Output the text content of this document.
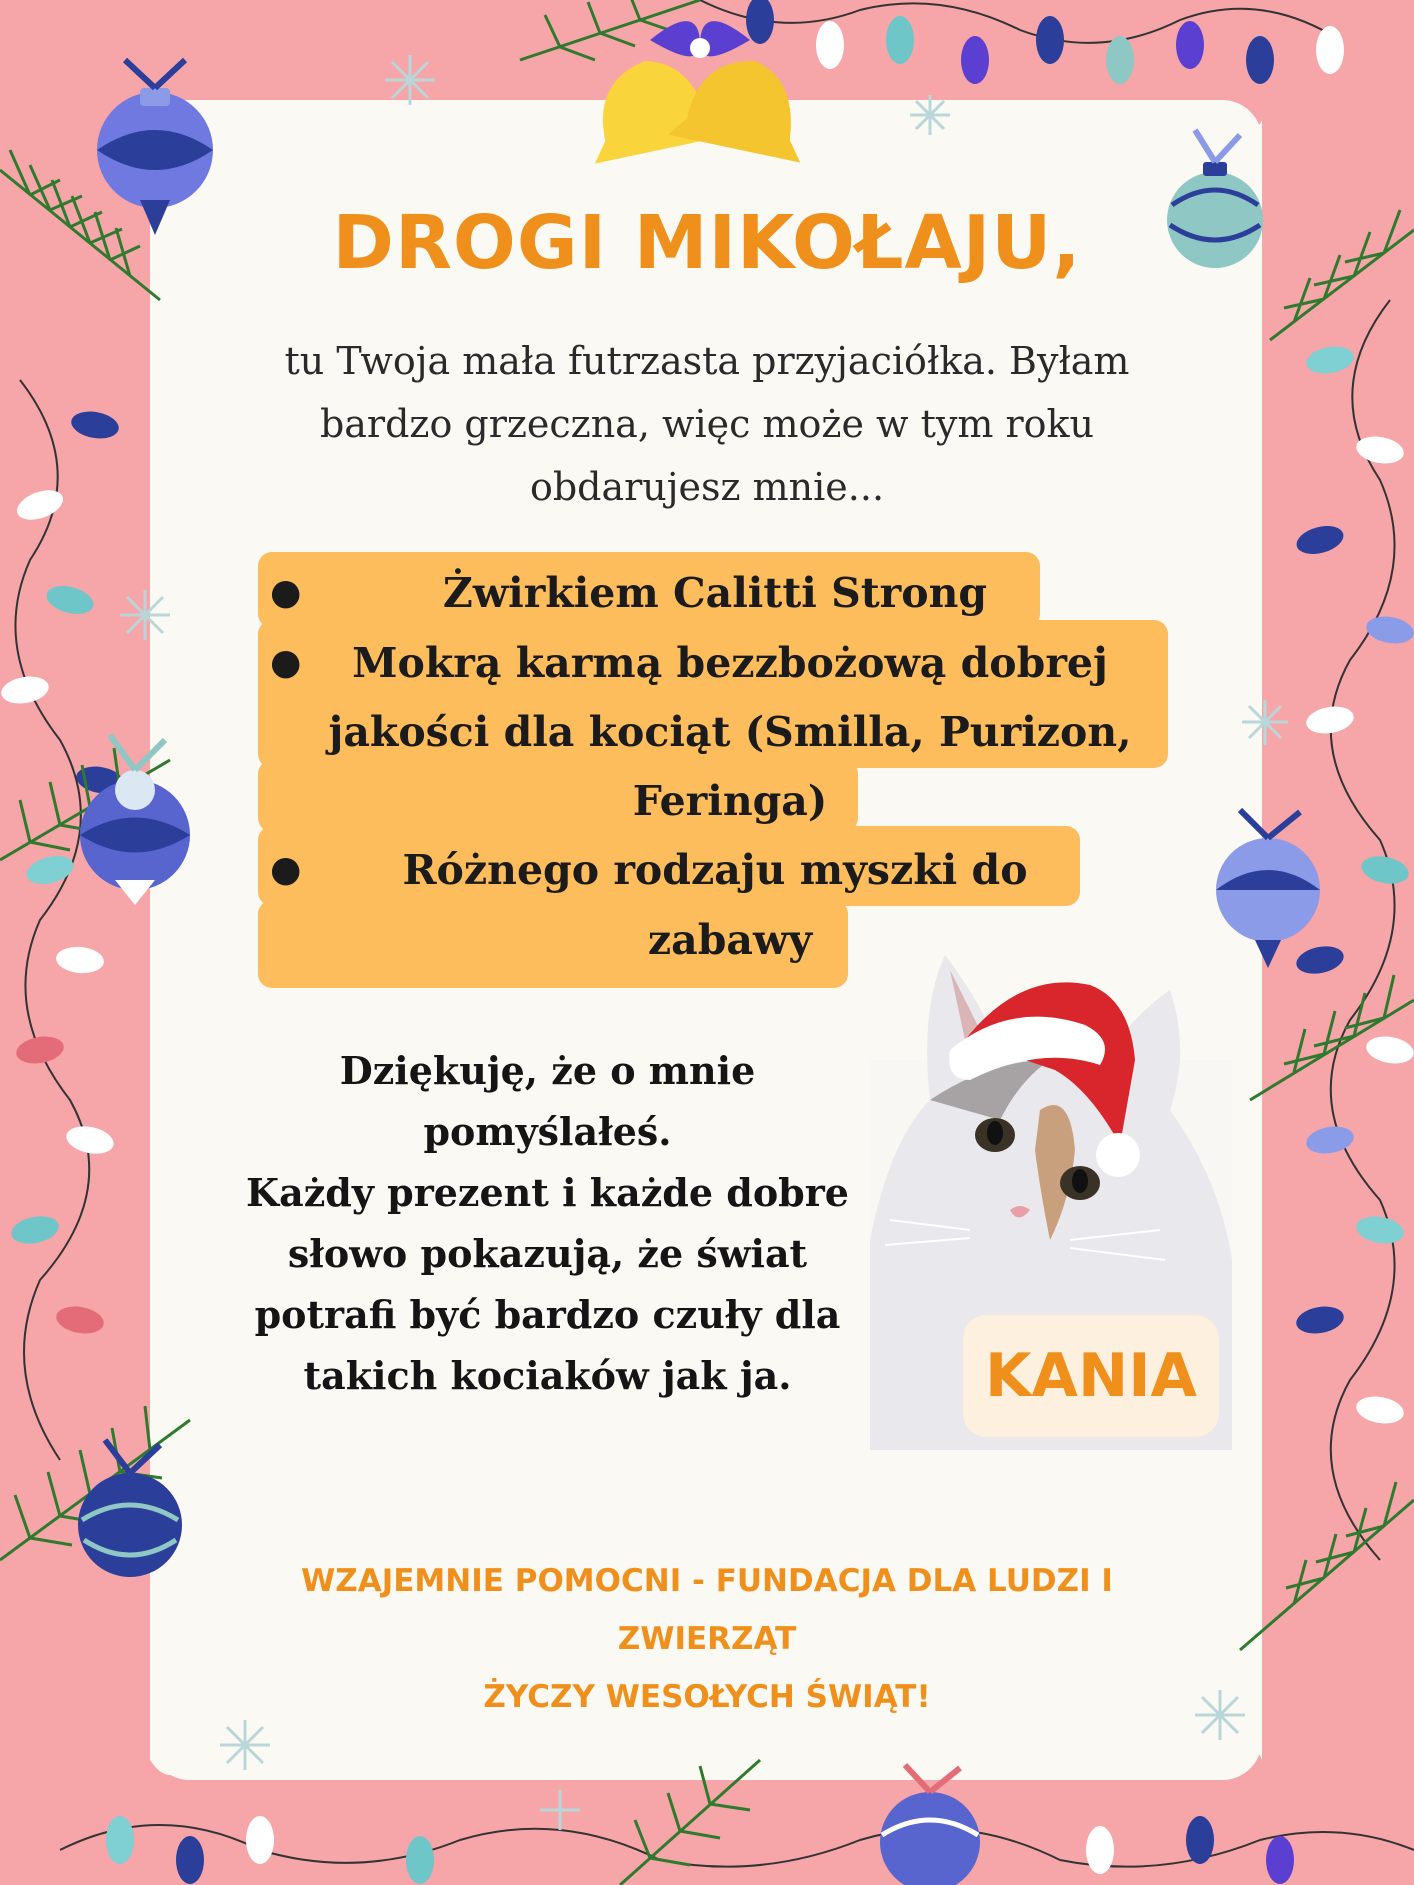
DROGI MIKOŁAJU,
tu Twoja mała futrzasta przyjaciółka. Byłam
bardzo grzeczna, więc może w tym roku
obdarujesz mnie...
●	Żwirkiem Calitti Strong
●	Mokrą karmą bezzbożową dobrej
jakości dla kociąt (Smilla, Purizon,
Feringa)
●	Różnego rodzaju myszki do
zabawy
Dziękuję, że o mnie
pomyślałeś.
Każdy prezent i każde dobre
słowo pokazują, że świat
potrafi być bardzo czuły dla
takich kociaków jak ja.	KANIA
WZAJEMNIE POMOCNI - FUNDACJA DLA LUDZI I ZWIERZĄT
ŻYCZY WESOŁYCH ŚWIĄT!
